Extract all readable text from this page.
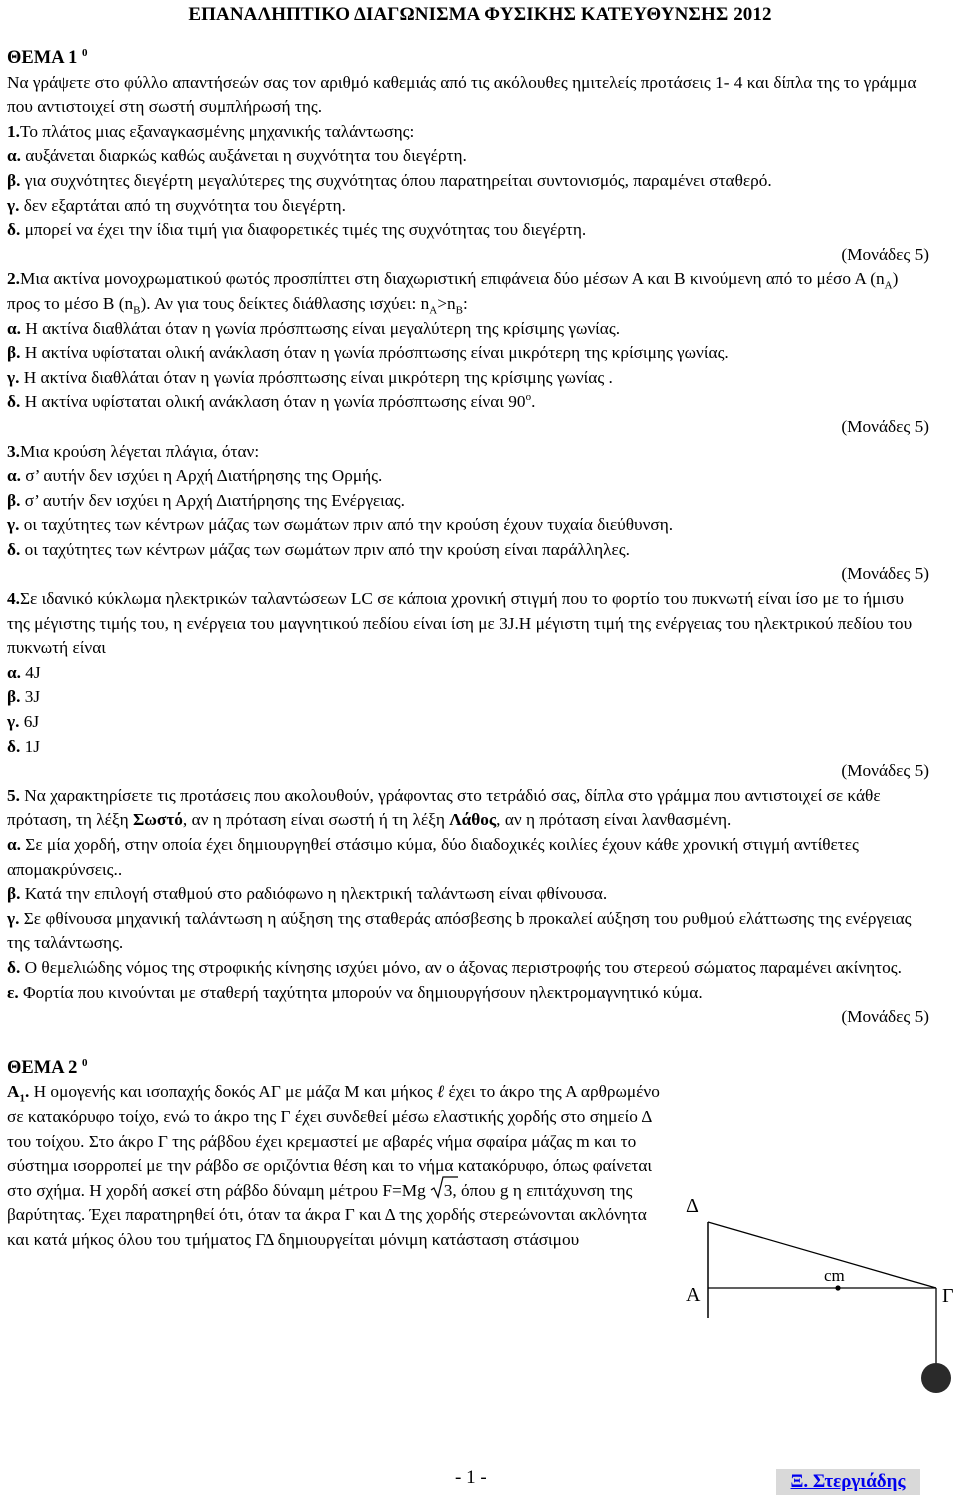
ΕΠΑΝΑΛΗΠΤΙΚΟ ΔΙΑΓΩΝΙΣΜΑ ΦΥΣΙΚΗΣ ΚΑΤΕΥΘΥΝΣΗΣ 2012

ΘΕΜΑ 1 $^0$

Να γράψετε στο φύλλο απαντήσεών σας τον αριθμό καθεμιάς από τις ακόλουθες ημιτελείς προτάσεις 1- 4 και δίπλα της το γράμμα που αντιστοιχεί στη σωστή συμπλήρωσή της.

1.Το πλάτος μιας εξαναγκασμένης μηχανικής ταλάντωσης:

α. αυξάνεται διαρκώς καθώς αυξάνεται η συχνότητα του διεγέρτη.

β. για συχνότητες διεγέρτη μεγαλύτερες της συχνότητας όπου παρατηρείται συντονισμός, παραμένει σταθερό.

γ. δεν εξαρτάται από τη συχνότητα του διεγέρτη.

δ. μπορεί να έχει την ίδια τιμή για διαφορετικές τιμές της συχνότητας του διεγέρτη.

(Μονάδες 5)

2.Μια ακτίνα μονοχρωματικού φωτός προσπίπτει στη διαχωριστική επιφάνεια δύο μέσων Α και Β κινούμενη από το μέσο Α $(n_A)$ προς το μέσο Β $(n_B)$. Αν για τους δείκτες διάθλασης ισχύει: $n_A>n_B$:

α. Η ακτίνα διαθλάται όταν η γωνία πρόσπτωσης είναι μεγαλύτερη της κρίσιμης γωνίας.

β. Η ακτίνα υφίσταται ολική ανάκλαση όταν η γωνία πρόσπτωσης είναι μικρότερη της κρίσιμης γωνίας.

γ. Η ακτίνα διαθλάται όταν η γωνία πρόσπτωσης είναι μικρότερη της κρίσιμης γωνίας .

δ. Η ακτίνα υφίσταται ολική ανάκλαση όταν η γωνία πρόσπτωσης είναι 90$^o$.

(Μονάδες 5)

3.Μια κρούση λέγεται πλάγια, όταν:

α. σ’ αυτήν δεν ισχύει η Αρχή Διατήρησης της Ορμής.

β. σ’ αυτήν δεν ισχύει η Αρχή Διατήρησης της Ενέργειας.

γ. οι ταχύτητες των κέντρων μάζας των σωμάτων πριν από την κρούση έχουν τυχαία διεύθυνση.

δ. οι ταχύτητες των κέντρων μάζας των σωμάτων πριν από την κρούση είναι παράλληλες.

(Μονάδες 5)

4.Σε ιδανικό κύκλωμα ηλεκτρικών ταλαντώσεων LC σε κάποια χρονική στιγμή που το φορτίο του πυκνωτή είναι ίσο με το ήμισυ της μέγιστης τιμής του, η ενέργεια του μαγνητικού πεδίου είναι ίση με 3J.Η μέγιστη τιμή της ενέργειας του ηλεκτρικού πεδίου του πυκνωτή είναι

α. 4J

β. 3J

γ. 6J

δ. 1J

(Μονάδες 5)

5. Να χαρακτηρίσετε τις προτάσεις που ακολουθούν, γράφοντας στο τετράδιό σας, δίπλα στο γράμμα που αντιστοιχεί σε κάθε πρόταση, τη λέξη Σωστό, αν η πρόταση είναι σωστή ή τη λέξη Λάθος, αν η πρόταση είναι λανθασμένη.

α. Σε μία χορδή, στην οποία έχει δημιουργηθεί στάσιμο κύμα, δύο διαδοχικές κοιλίες έχουν κάθε χρονική στιγμή αντίθετες απομακρύνσεις..

β. Κατά την επιλογή σταθμού στο ραδιόφωνο η ηλεκτρική ταλάντωση είναι φθίνουσα.

γ. Σε φθίνουσα μηχανική ταλάντωση η αύξηση της σταθεράς απόσβεσης b προκαλεί αύξηση του ρυθμού ελάττωσης της ενέργειας της ταλάντωσης.

δ. Ο θεμελιώδης νόμος της στροφικής κίνησης ισχύει μόνο, αν ο άξονας περιστροφής του στερεού σώματος παραμένει ακίνητος.

ε. Φορτία που κινούνται με σταθερή ταχύτητα μπορούν να δημιουργήσουν ηλεκτρομαγνητικό κύμα.

(Μονάδες 5)

ΘΕΜΑ 2 $^0$

$A_1$. Η ομογενής και ισοπαχής δοκός ΑΓ με μάζα Μ και μήκος ℓ έχει το άκρο της Α αρθρωμένο σε κατακόρυφο τοίχο, ενώ το άκρο της Γ έχει συνδεθεί μέσω ελαστικής χορδής στο σημείο Δ του τοίχου. Στο άκρο Γ της ράβδου έχει κρεμαστεί με αβαρές νήμα σφαίρα μάζας m και το σύστημα ισορροπεί με την ράβδο σε οριζόντια θέση και το νήμα κατακόρυφο, όπως φαίνεται στο σχήμα. Η χορδή ασκεί στη ράβδο δύναμη μέτρου F=Mg 3, όπου g η επιτάχυνση της βαρύτητας. Έχει παρατηρηθεί ότι, όταν τα άκρα Γ και Δ της χορδής στερεώνονται ακλόνητα και κατά μήκος όλου του τμήματος ΓΔ δημιουργείται μόνιμη κατάσταση στάσιμου

Δ
Α	Γ
cm
- 1 -	Ξ. Στεργιάδης
